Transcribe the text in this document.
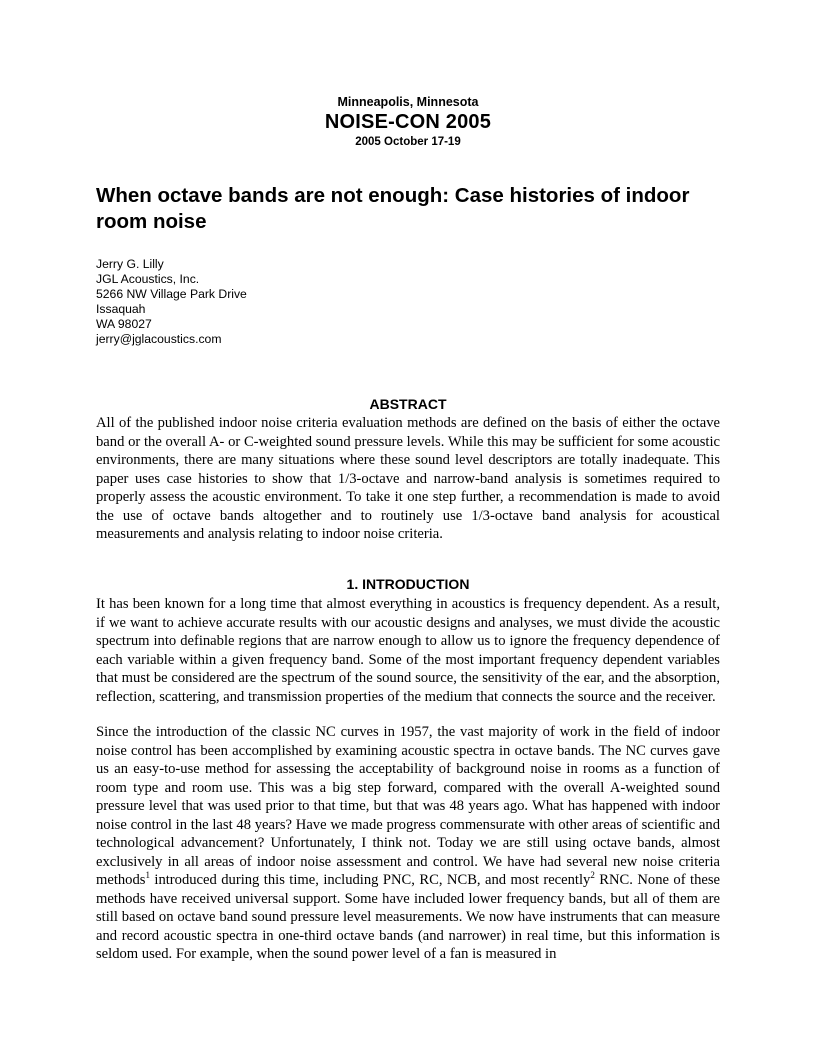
Minneapolis, Minnesota
NOISE-CON 2005
2005 October 17-19
When octave bands are not enough: Case histories of indoor room noise
Jerry G. Lilly
JGL Acoustics, Inc.
5266 NW Village Park Drive
Issaquah
WA 98027
jerry@jglacoustics.com
ABSTRACT

All of the published indoor noise criteria evaluation methods are defined on the basis of either the octave band or the overall A- or C-weighted sound pressure levels. While this may be sufficient for some acoustic environments, there are many situations where these sound level descriptors are totally inadequate. This paper uses case histories to show that 1/3-octave and narrow-band analysis is sometimes required to properly assess the acoustic environment. To take it one step further, a recommendation is made to avoid the use of octave bands altogether and to routinely use 1/3-octave band analysis for acoustical measurements and analysis relating to indoor noise criteria.

1. INTRODUCTION

It has been known for a long time that almost everything in acoustics is frequency dependent. As a result, if we want to achieve accurate results with our acoustic designs and analyses, we must divide the acoustic spectrum into definable regions that are narrow enough to allow us to ignore the frequency dependence of each variable within a given frequency band. Some of the most important frequency dependent variables that must be considered are the spectrum of the sound source, the sensitivity of the ear, and the absorption, reflection, scattering, and transmission properties of the medium that connects the source and the receiver.

Since the introduction of the classic NC curves in 1957, the vast majority of work in the field of indoor noise control has been accomplished by examining acoustic spectra in octave bands. The NC curves gave us an easy-to-use method for assessing the acceptability of background noise in rooms as a function of room type and room use. This was a big step forward, compared with the overall A-weighted sound pressure level that was used prior to that time, but that was 48 years ago. What has happened with indoor noise control in the last 48 years? Have we made progress commensurate with other areas of scientific and technological advancement? Unfortunately, I think not. Today we are still using octave bands, almost exclusively in all areas of indoor noise assessment and control. We have had several new noise criteria methods$^1$ introduced during this time, including PNC, RC, NCB, and most recently$^2$ RNC. None of these methods have received universal support. Some have included lower frequency bands, but all of them are still based on octave band sound pressure level measurements. We now have instruments that can measure and record acoustic spectra in one-third octave bands (and narrower) in real time, but this information is seldom used. For example, when the sound power level of a fan is measured in
